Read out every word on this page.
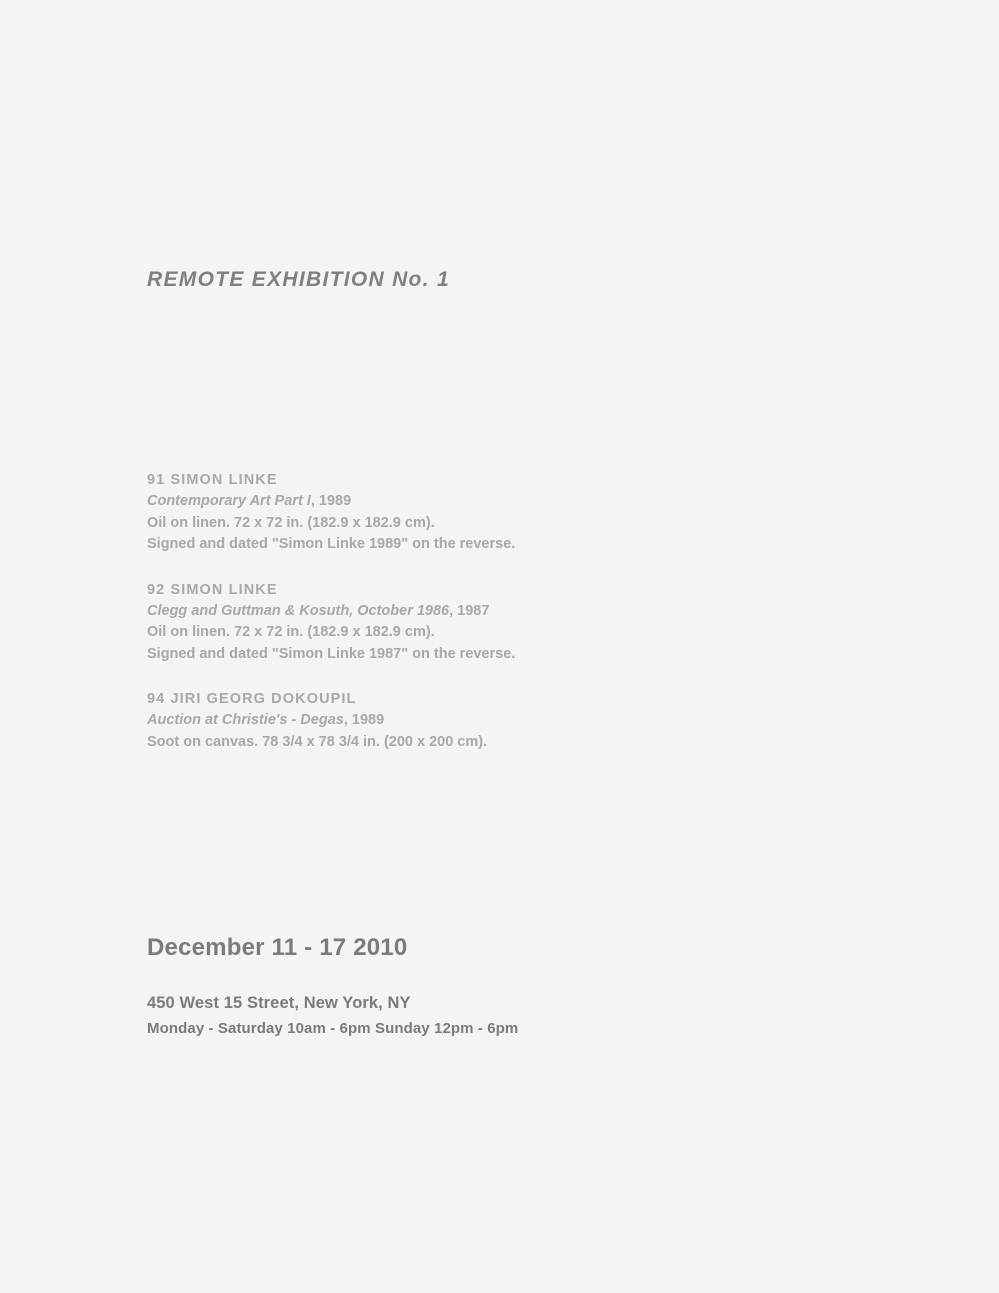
REMOTE EXHIBITION No. 1
91 SIMON LINKE
Contemporary Art Part I, 1989
Oil on linen. 72 x 72 in. (182.9 x 182.9 cm).
Signed and dated "Simon Linke 1989" on the reverse.
92 SIMON LINKE
Clegg and Guttman & Kosuth, October 1986, 1987
Oil on linen. 72 x 72 in. (182.9 x 182.9 cm).
Signed and dated "Simon Linke 1987" on the reverse.
94 JIRI GEORG DOKOUPIL
Auction at Christie's - Degas, 1989
Soot on canvas. 78 3/4 x 78 3/4 in. (200 x 200 cm).
December 11 - 17 2010
450 West 15 Street, New York, NY
Monday - Saturday 10am - 6pm Sunday 12pm - 6pm
